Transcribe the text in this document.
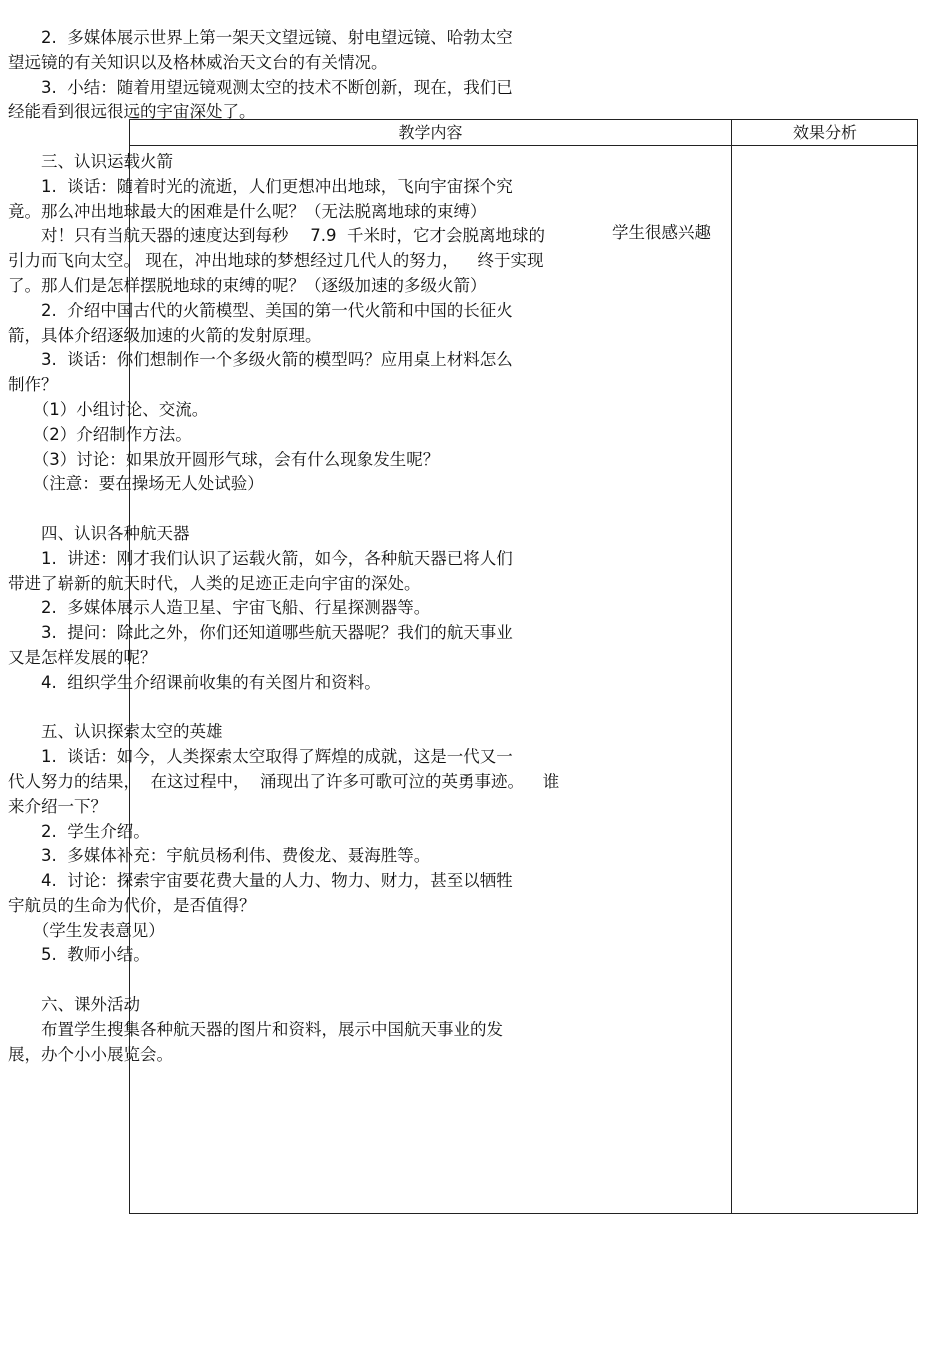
教学内容	效果分析

　　2.  多媒体展示世界上第一架天文望远镜、射电望远镜、哈勃太空

望远镜的有关知识以及格林威治天文台的有关情况。

　　3.  小结：随着用望远镜观测太空的技术不断创新，现在，我们已

经能看到很远很远的宇宙深处了。

　　三、认识运载火箭

　　1.  谈话：随着时光的流逝，人们更想冲出地球，飞向宇宙探个究

竟。那么冲出地球最大的困难是什么呢？（无法脱离地球的束缚）

　　对！只有当航天器的速度达到每秒　 7.9  千米时，它才会脱离地球的

引力而飞向太空。 现在，冲出地球的梦想经过几代人的努力，　  终于实现

了。那人们是怎样摆脱地球的束缚的呢？（逐级加速的多级火箭）

　　2.  介绍中国古代的火箭模型、美国的第一代火箭和中国的长征火

箭，具体介绍逐级加速的火箭的发射原理。

　　3.  谈话：你们想制作一个多级火箭的模型吗？应用桌上材料怎么

制作？

　　（1）小组讨论、交流。

　　（2）介绍制作方法。

　　（3）讨论：如果放开圆形气球，会有什么现象发生呢？

　　（注意：要在操场无人处试验）

　　四、认识各种航天器

　　1.  讲述：刚才我们认识了运载火箭，如今，各种航天器已将人们

带进了崭新的航天时代，人类的足迹正走向宇宙的深处。

　　2.  多媒体展示人造卫星、宇宙飞船、行星探测器等。

　　3.  提问：除此之外，你们还知道哪些航天器呢？我们的航天事业

又是怎样发展的呢？

　　4.  组织学生介绍课前收集的有关图片和资料。

　　五、认识探索太空的英雄

　　1.  谈话：如今，人类探索太空取得了辉煌的成就，这是一代又一

代人努力的结果，  在这过程中，  涌现出了许多可歌可泣的英勇事迹。　  谁

来介绍一下？

　　2.  学生介绍。

　　3.  多媒体补充：宇航员杨利伟、费俊龙、聂海胜等。

　　4.  讨论：探索宇宙要花费大量的人力、物力、财力，甚至以牺牲

宇航员的生命为代价，是否值得？

　　（学生发表意见）

　　5.  教师小结。

　　六、课外活动

　　布置学生搜集各种航天器的图片和资料，展示中国航天事业的发

展，办个小小展览会。

学生很感兴趣
